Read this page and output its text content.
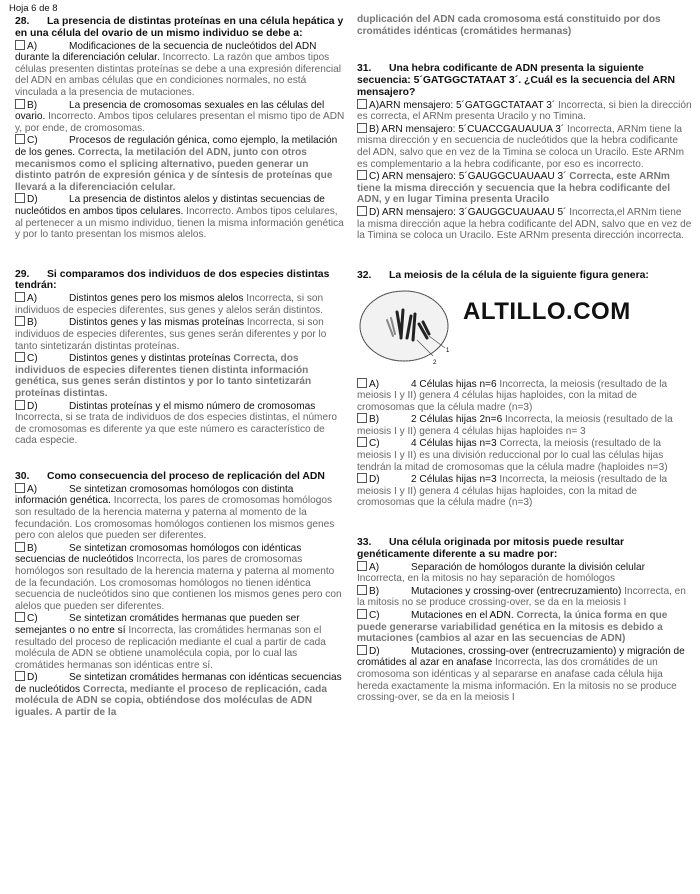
Hoja 6 de 8
28. La presencia de distintas proteínas en una célula hepática y en una célula del ovario de un mismo individuo se debe a:
A)	Modificaciones de la secuencia de nucleótidos del ADN durante la diferenciación celular. Incorrecto. La razón que ambos tipos células presenten distintas proteínas se debe a una expresión diferencial del ADN en ambas células que en condiciones normales, no está vinculada a la presencia de mutaciones.
B)	La presencia de cromosomas sexuales en las células del ovario. Incorrecto. Ambos tipos celulares presentan el mismo tipo de ADN y, por ende, de cromosomas.
C)	Procesos de regulación génica, como ejemplo, la metilación de los genes. Correcta, la metilación del ADN, junto con otros mecanismos como el splicing alternativo, pueden generar un distinto patrón de expresión génica y de síntesis de proteínas que llevará a la diferenciación celular.
D)	La presencia de distintos alelos y distintas secuencias de nucleótidos en ambos tipos celulares. Incorrecto. Ambos tipos celulares, al pertenecer a un mismo individuo, tienen la misma información genética y por lo tanto presentan los mismos alelos.
29. Si comparamos dos individuos de dos especies distintas tendrán:
A)	Distintos genes pero los mismos alelos Incorrecta, si son individuos de especies diferentes, sus genes y alelos serán distintos.
B)	Distintos genes y las mismas proteínas Incorrecta, si son individuos de especies diferentes, sus genes serán diferentes y por lo tanto sintetizarán distintas proteínas.
C)	Distintos genes y distintas proteínas Correcta, dos individuos de especies diferentes tienen distinta información genética, sus genes serán distintos y por lo tanto sintetizarán proteínas distintas.
D)	Distintas proteínas y el mismo número de cromosomas Incorrecta, si se trata de individuos de dos especies distintas, el número de cromosomas es diferente ya que este número es característico de cada especie.
30. Como consecuencia del proceso de replicación del ADN
A)	Se sintetizan cromosomas homólogos con distinta información genética. Incorrecta, los pares de cromosomas homólogos son resultado de la herencia materna y paterna al momento de la fecundación. Los cromosomas homólogos contienen los mismos genes pero con alelos que pueden ser diferentes.
B)	Se sintetizan cromosomas homólogos con idénticas secuencias de nucleótidos Incorrecta, los pares de cromosomas homólogos son resultado de la herencia materna y paterna al momento de la fecundación. Los cromosomas homólogos no tienen idéntica secuencia de nucleótidos sino que contienen los mismos genes pero con alelos que pueden ser diferentes.
C)	Se sintetizan cromátides hermanas que pueden ser semejantes o no entre sí Incorrecta, las cromátides hermanas son el resultado del proceso de replicación mediante el cual a partir de cada molécula de ADN se obtiene unamolécula copia, por lo cual las cromátides hermanas son idénticas entre sí.
D)	Se sintetizan cromátides hermanas con idénticas secuencias de nucleótidos Correcta, mediante el proceso de replicación, cada molécula de ADN se copia, obtiéndose dos moléculas de ADN iguales. A partir de la
duplicación del ADN cada cromosoma está constituido por dos cromátides idénticas (cromátides hermanas)
31. Una hebra codificante de ADN presenta la siguiente secuencia: 5´GATGGCTATAAT 3´. ¿Cuál es la secuencia del ARN mensajero?
A)ARN mensajero: 5´GATGGCTATAAT 3´ Incorrecta, si bien la dirección es correcta, el ARNm presenta Uracilo y no Timina.
B) ARN mensajero: 5´CUACCGAUAUUA 3´ Incorrecta, ARNm tiene la misma dirección y en secuencia de nucleótidos que la hebra codificante del ADN, salvo que en vez de la Timina se coloca un Uracilo. Este ARNm es complementario a la hebra codificante, por eso es incorrecto.
C) ARN mensajero: 5´GAUGGCUAUAAU 3´ Correcta, este ARNm tiene la misma dirección y secuencia que la hebra codificante del ADN, y en lugar Timina presenta Uracilo
D) ARN mensajero: 3´GAUGGCUAUAAU 5´ Incorrecta,el ARNm tiene la misma dirección aque la hebra codificante del ADN, salvo que en vez de la Timina se coloca un Uracilo. Este ARNm presenta dirección incorrecta.
32. La meiosis de la célula de la siguiente figura genera:
1
2
ALTILLO.COM
A)	4 Células hijas n=6 Incorrecta, la meiosis (resultado de la meiosis I y II) genera 4 células hijas haploides, con la mitad de cromosomas que la célula madre (n=3)
B)	2 Células hijas 2n=6 Incorrecta, la meiosis (resultado de la meiosis I y II) genera 4 células hijas haploides n= 3
C)	4 Células hijas n=3 Correcta, la meiosis (resultado de la meiosis I y II) es una división reduccional por lo cual las células hijas tendrán la mitad de cromosomas que la célula madre (haploides n=3)
D)	2 Células hijas n=3 Incorrecta, la meiosis (resultado de la meiosis I y II) genera 4 células hijas haploides, con la mitad de cromosomas que la célula madre (n=3)
33. Una célula originada por mitosis puede resultar genéticamente diferente a su madre por:
A)	Separación de homólogos durante la división celular Incorrecta, en la mitosis no hay separación de homólogos
B)	Mutaciones y crossing-over (entrecruzamiento) Incorrecta, en la mitosis no se produce crossing-over, se da en la meiosis I
C)	Mutaciones en el ADN. Correcta, la única forma en que puede generarse variabilidad genética en la mitosis es debido a mutaciones (cambios al azar en las secuencias de ADN)
D)	Mutaciones, crossing-over (entrecruzamiento) y migración de cromátides al azar en anafase Incorrecta, las dos cromátides de un cromosoma son idénticas y al separarse en anafase cada célula hija hereda exactamente la misma información. En la mitosis no se produce crossing-over, se da en la meiosis I
